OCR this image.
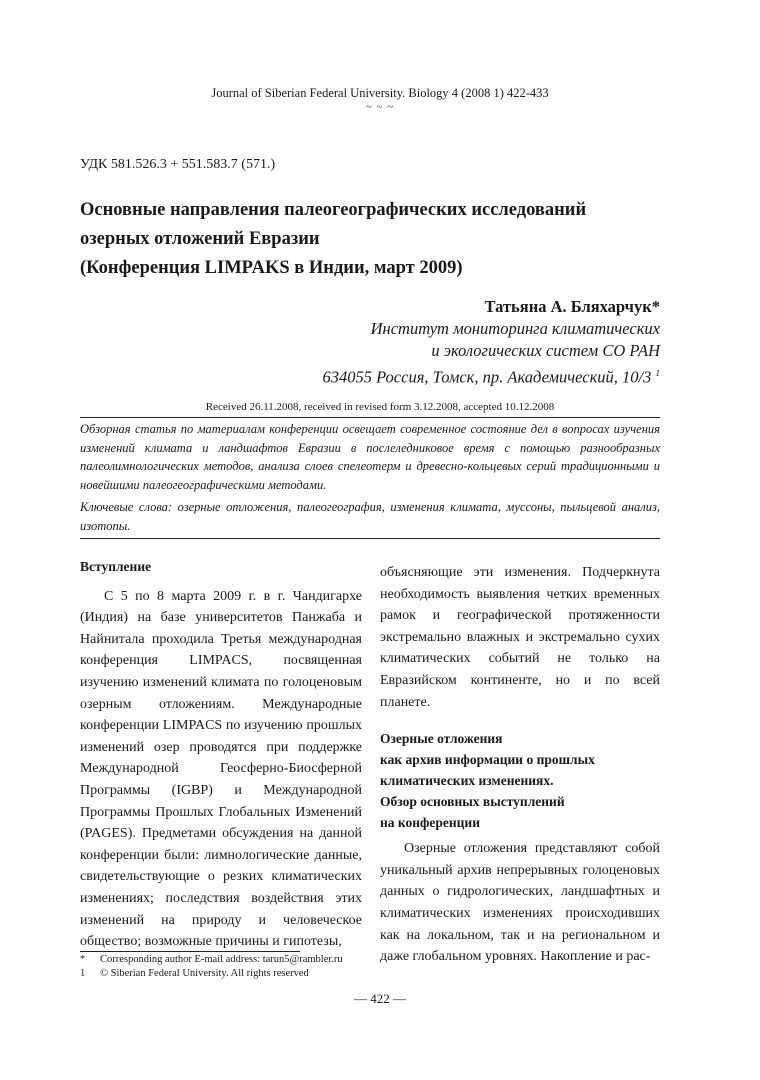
Journal of Siberian Federal University. Biology 4 (2008 1) 422-433
~ ~ ~
УДК 581.526.3 + 551.583.7 (571.)
Основные направления палеогеографических исследований
озерных отложений Евразии
(Конференция LIMPAKS в Индии, март 2009)
Татьяна А. Бляхарчук*
Институт мониторинга климатических
и экологических систем СО РАН
634055 Россия, Томск, пр. Академический, 10/3 $^1$
Received 26.11.2008, received in revised form 3.12.2008, accepted 10.12.2008
Обзорная статья по материалам конференции освещает современное состояние дел в вопросах изучения изменений климата и ландшафтов Евразии в послеледниковое время с помощью разнообразных палеолимнологических методов, анализа слоев спелеотерм и древесно-кольцевых серий традиционными и новейшими палеогеографическими методами.
Ключевые слова: озерные отложения, палеогеография, изменения климата, муссоны, пыльцевой анализ, изотопы.
Вступление

С 5 по 8 марта 2009 г. в г. Чандигархе (Индия) на базе университетов Панжаба и Найнитала проходила Третья международная конференция LIMPACS, посвященная изучению изменений климата по голоценовым озерным отложениям. Международные конференции LIMPACS по изучению прошлых изменений озер проводятся при поддержке Международной Геосферно-Биосферной Программы (IGBP) и Международной Программы Прошлых Глобальных Изменений (PAGES). Предметами обсуждения на данной конференции были: лимнологические данные, свидетельствующие о резких климатических изменениях; последствия воздействия этих изменений на природу и человеческое общество; возможные причины и гипотезы,

объясняющие эти изменения. Подчеркнута необходимость выявления четких временных рамок и географической протяженности экстремально влажных и экстремально сухих климатических событий не только на Евразийском континенте, но и по всей планете.

Озерные отложения
как архив информации о прошлых
климатических изменениях.
Обзор основных выступлений
на конференции

Озерные отложения представляют собой уникальный архив непрерывных голоценовых данных о гидрологических, ландшафтных и климатических изменениях происходивших как на локальном, так и на региональном и даже глобальном уровнях. Накопление и рас-

*	Corresponding author E-mail address: tarun5@rambler.ru
1	© Siberian Federal University. All rights reserved
— 422 —
